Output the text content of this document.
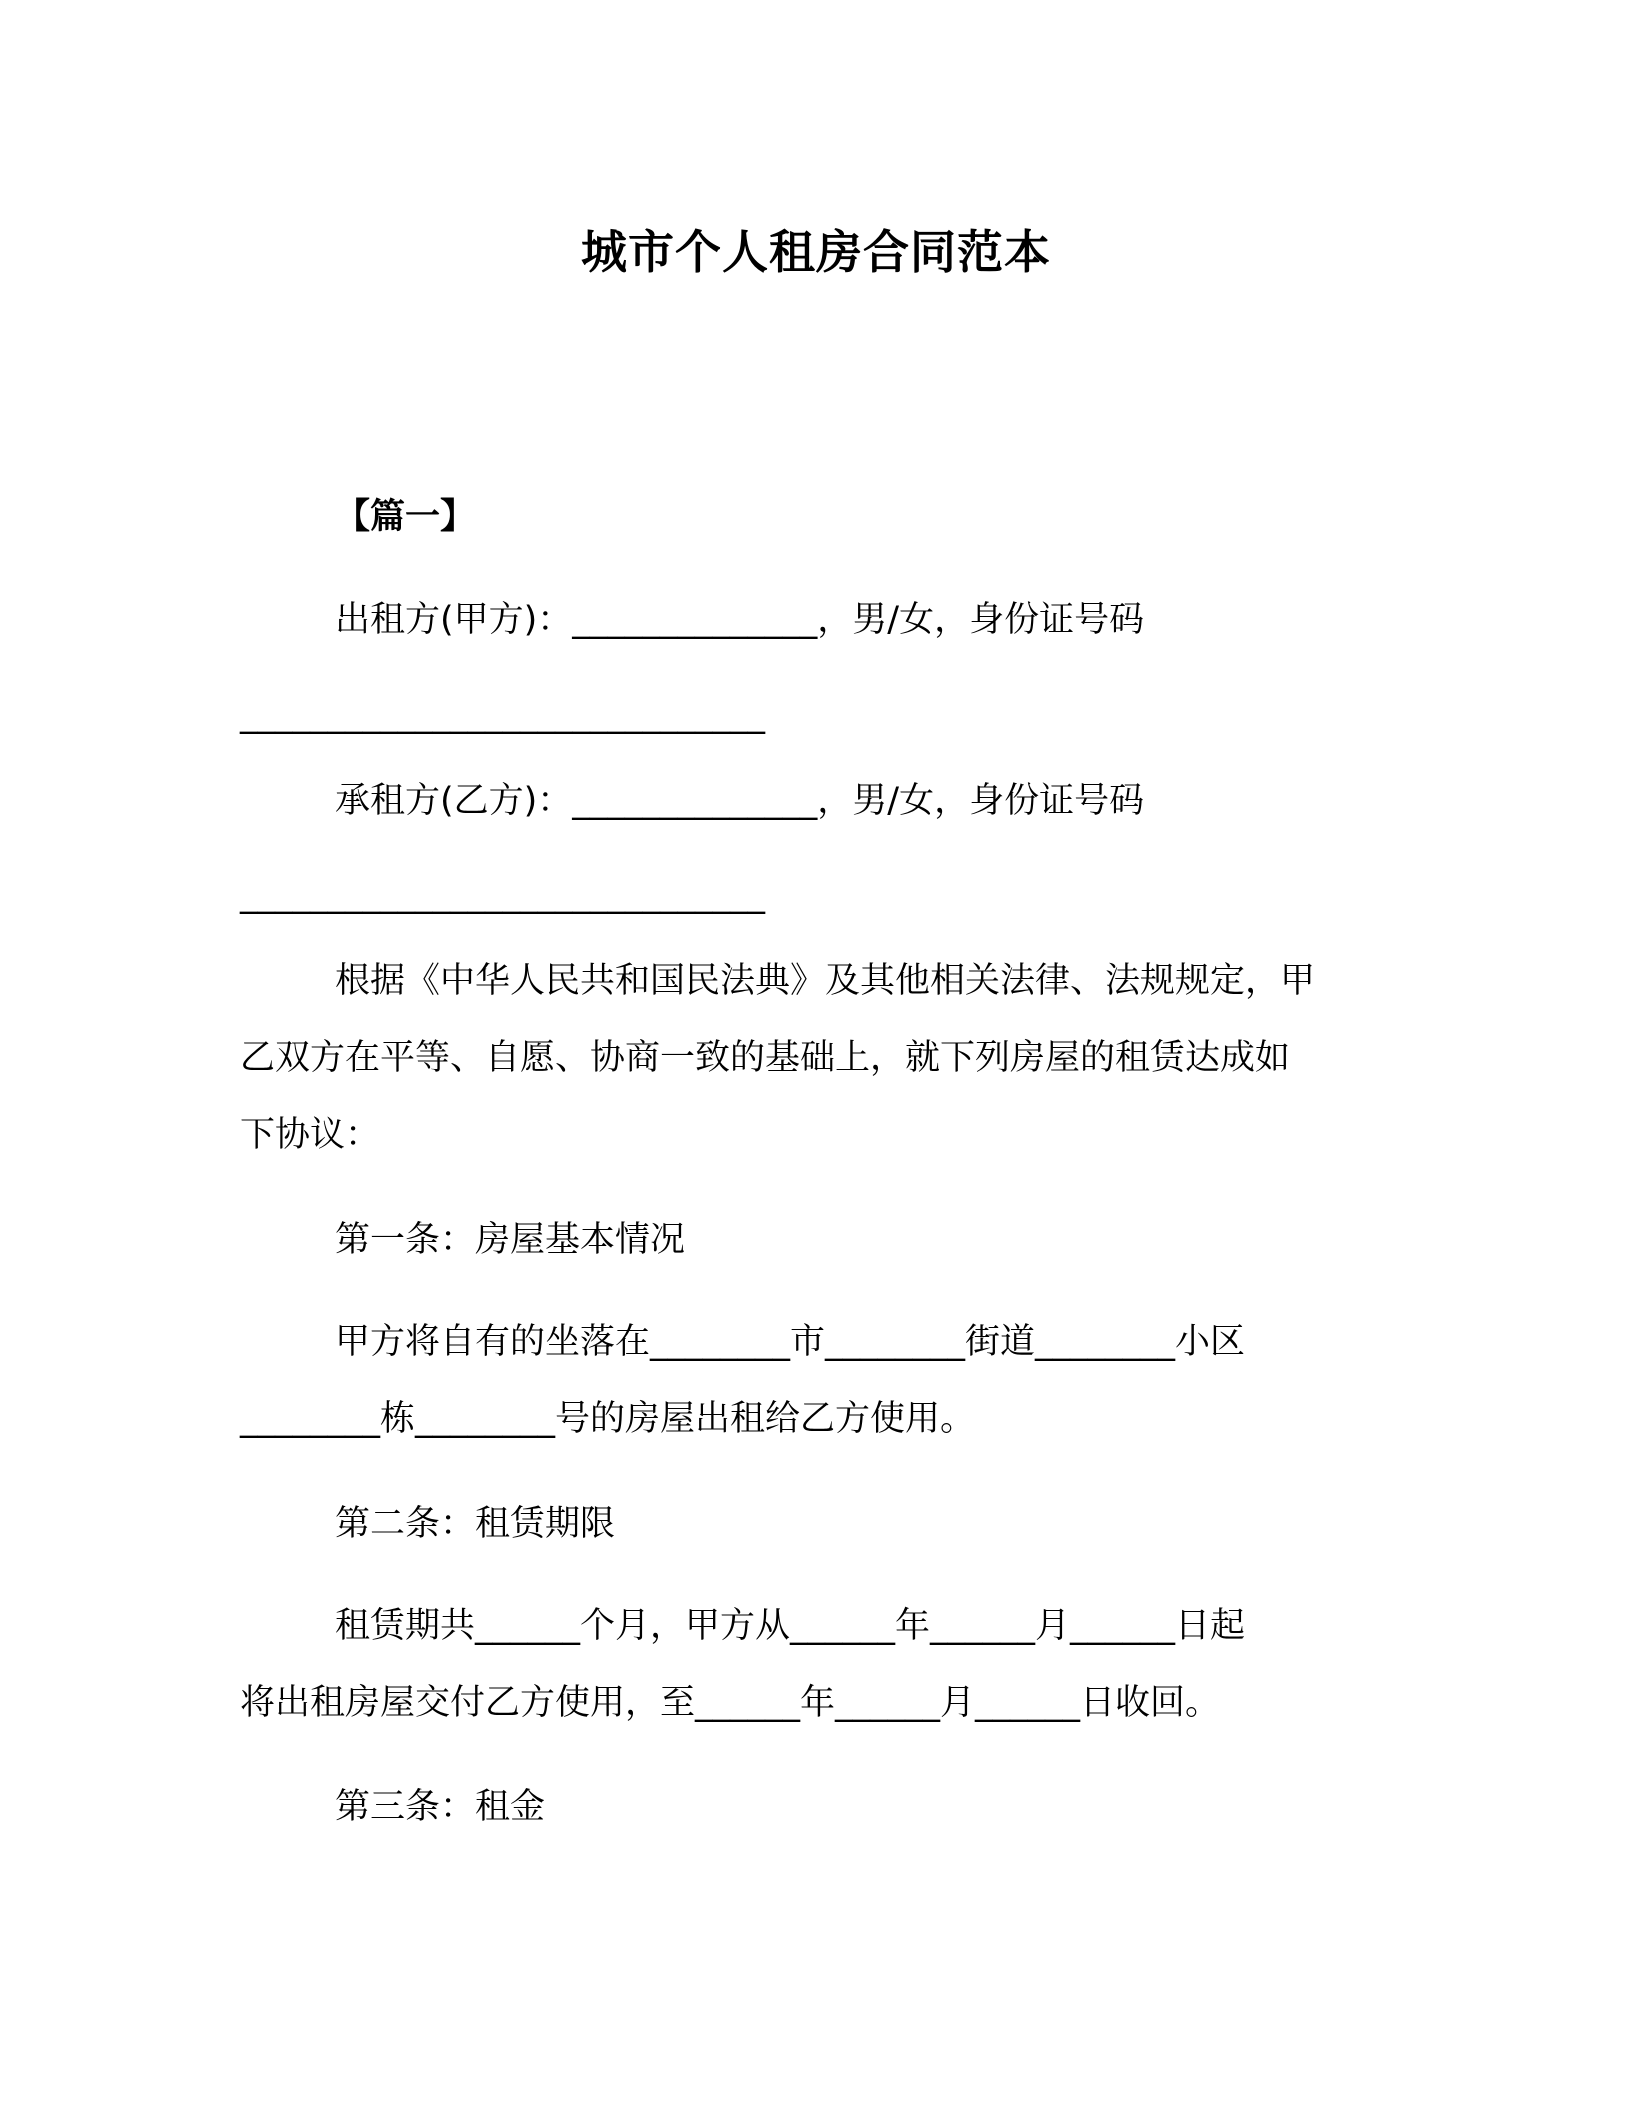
城市个人租房合同范本
【篇一】
出租方(甲方)：______________，男/女，身份证号码
______________________________
承租方(乙方)：______________，男/女，身份证号码
______________________________
根据《中华人民共和国民法典》及其他相关法律、法规规定，甲
乙双方在平等、自愿、协商一致的基础上，就下列房屋的租赁达成如
下协议：
第一条：房屋基本情况
甲方将自有的坐落在________市________街道________小区
________栋________号的房屋出租给乙方使用。
第二条：租赁期限
租赁期共______个月，甲方从______年______月______日起
将出租房屋交付乙方使用，至______年______月______日收回。
第三条：租金
